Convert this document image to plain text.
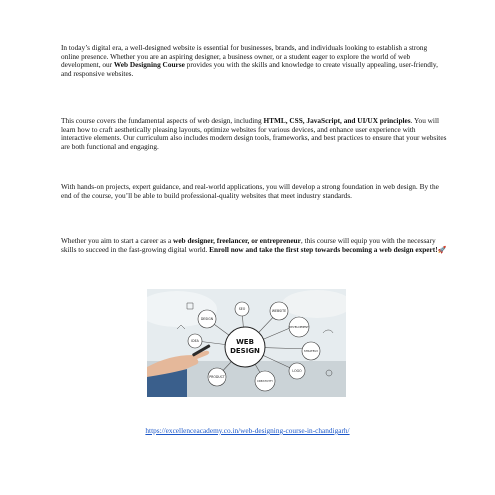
In today’s digital era, a well-designed website is essential for businesses, brands, and individuals looking to establish a strong online presence. Whether you are an aspiring designer, a business owner, or a student eager to explore the world of web development, our Web Designing Course provides you with the skills and knowledge to create visually appealing, user-friendly, and responsive websites.

This course covers the fundamental aspects of web design, including HTML, CSS, JavaScript, and UI/UX principles. You will learn how to craft aesthetically pleasing layouts, optimize websites for various devices, and enhance user experience with interactive elements. Our curriculum also includes modern design tools, frameworks, and best practices to ensure that your websites are both functional and engaging.

With hands-on projects, expert guidance, and real-world applications, you will develop a strong foundation in web design. By the end of the course, you’ll be able to build professional-quality websites that meet industry standards.

Whether you aim to start a career as a web designer, freelancer, or entrepreneur, this course will equip you with the necessary skills to succeed in the fast-growing digital world. Enroll now and take the first step towards becoming a web design expert!🚀

WEB
DESIGN
DESIGN
SEO	WEBSITE
DEVELOPMENT
STRATEGY
PRODUCT
CREATIVITY
LOGO
IDEA
https://excellenceacademy.co.in/web-designing-course-in-chandigarh/
